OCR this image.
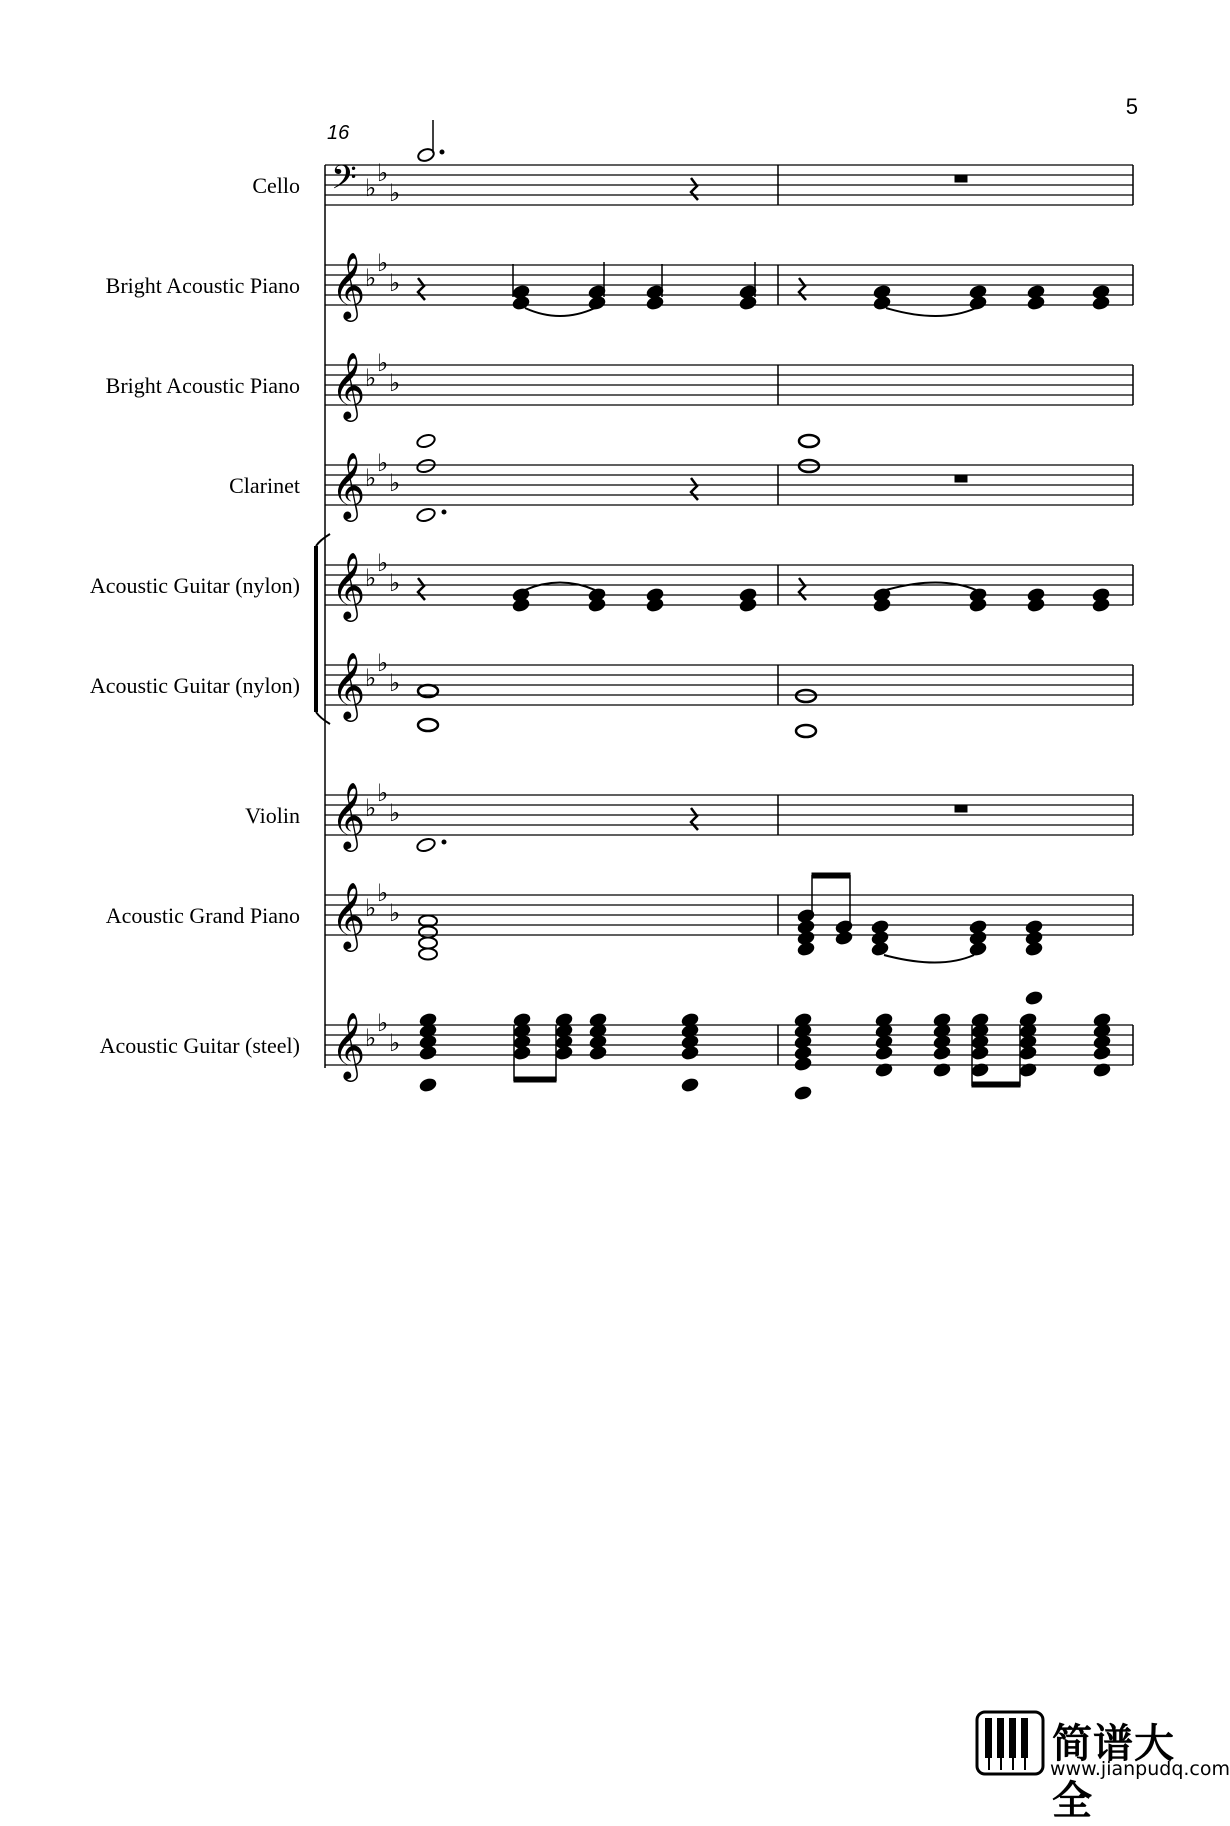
5
16
Cello
Bright Acoustic Piano
Bright Acoustic Piano
Clarinet
Acoustic Guitar (nylon)
Acoustic Guitar (nylon)
Violin
Acoustic Grand Piano
Acoustic Guitar (steel)
𝄢 ♭
♭
♭
𝄞 ♭
♭
♭
𝄞 ♭
♭
♭
𝄞 ♭
♭
♭
𝄞 ♭
♭
♭
𝄞 ♭
♭
♭
𝄞 ♭
♭
♭
𝄞 ♭
♭
♭
𝄞 ♭
♭
♭
简谱大全
www.jianpudq.com
